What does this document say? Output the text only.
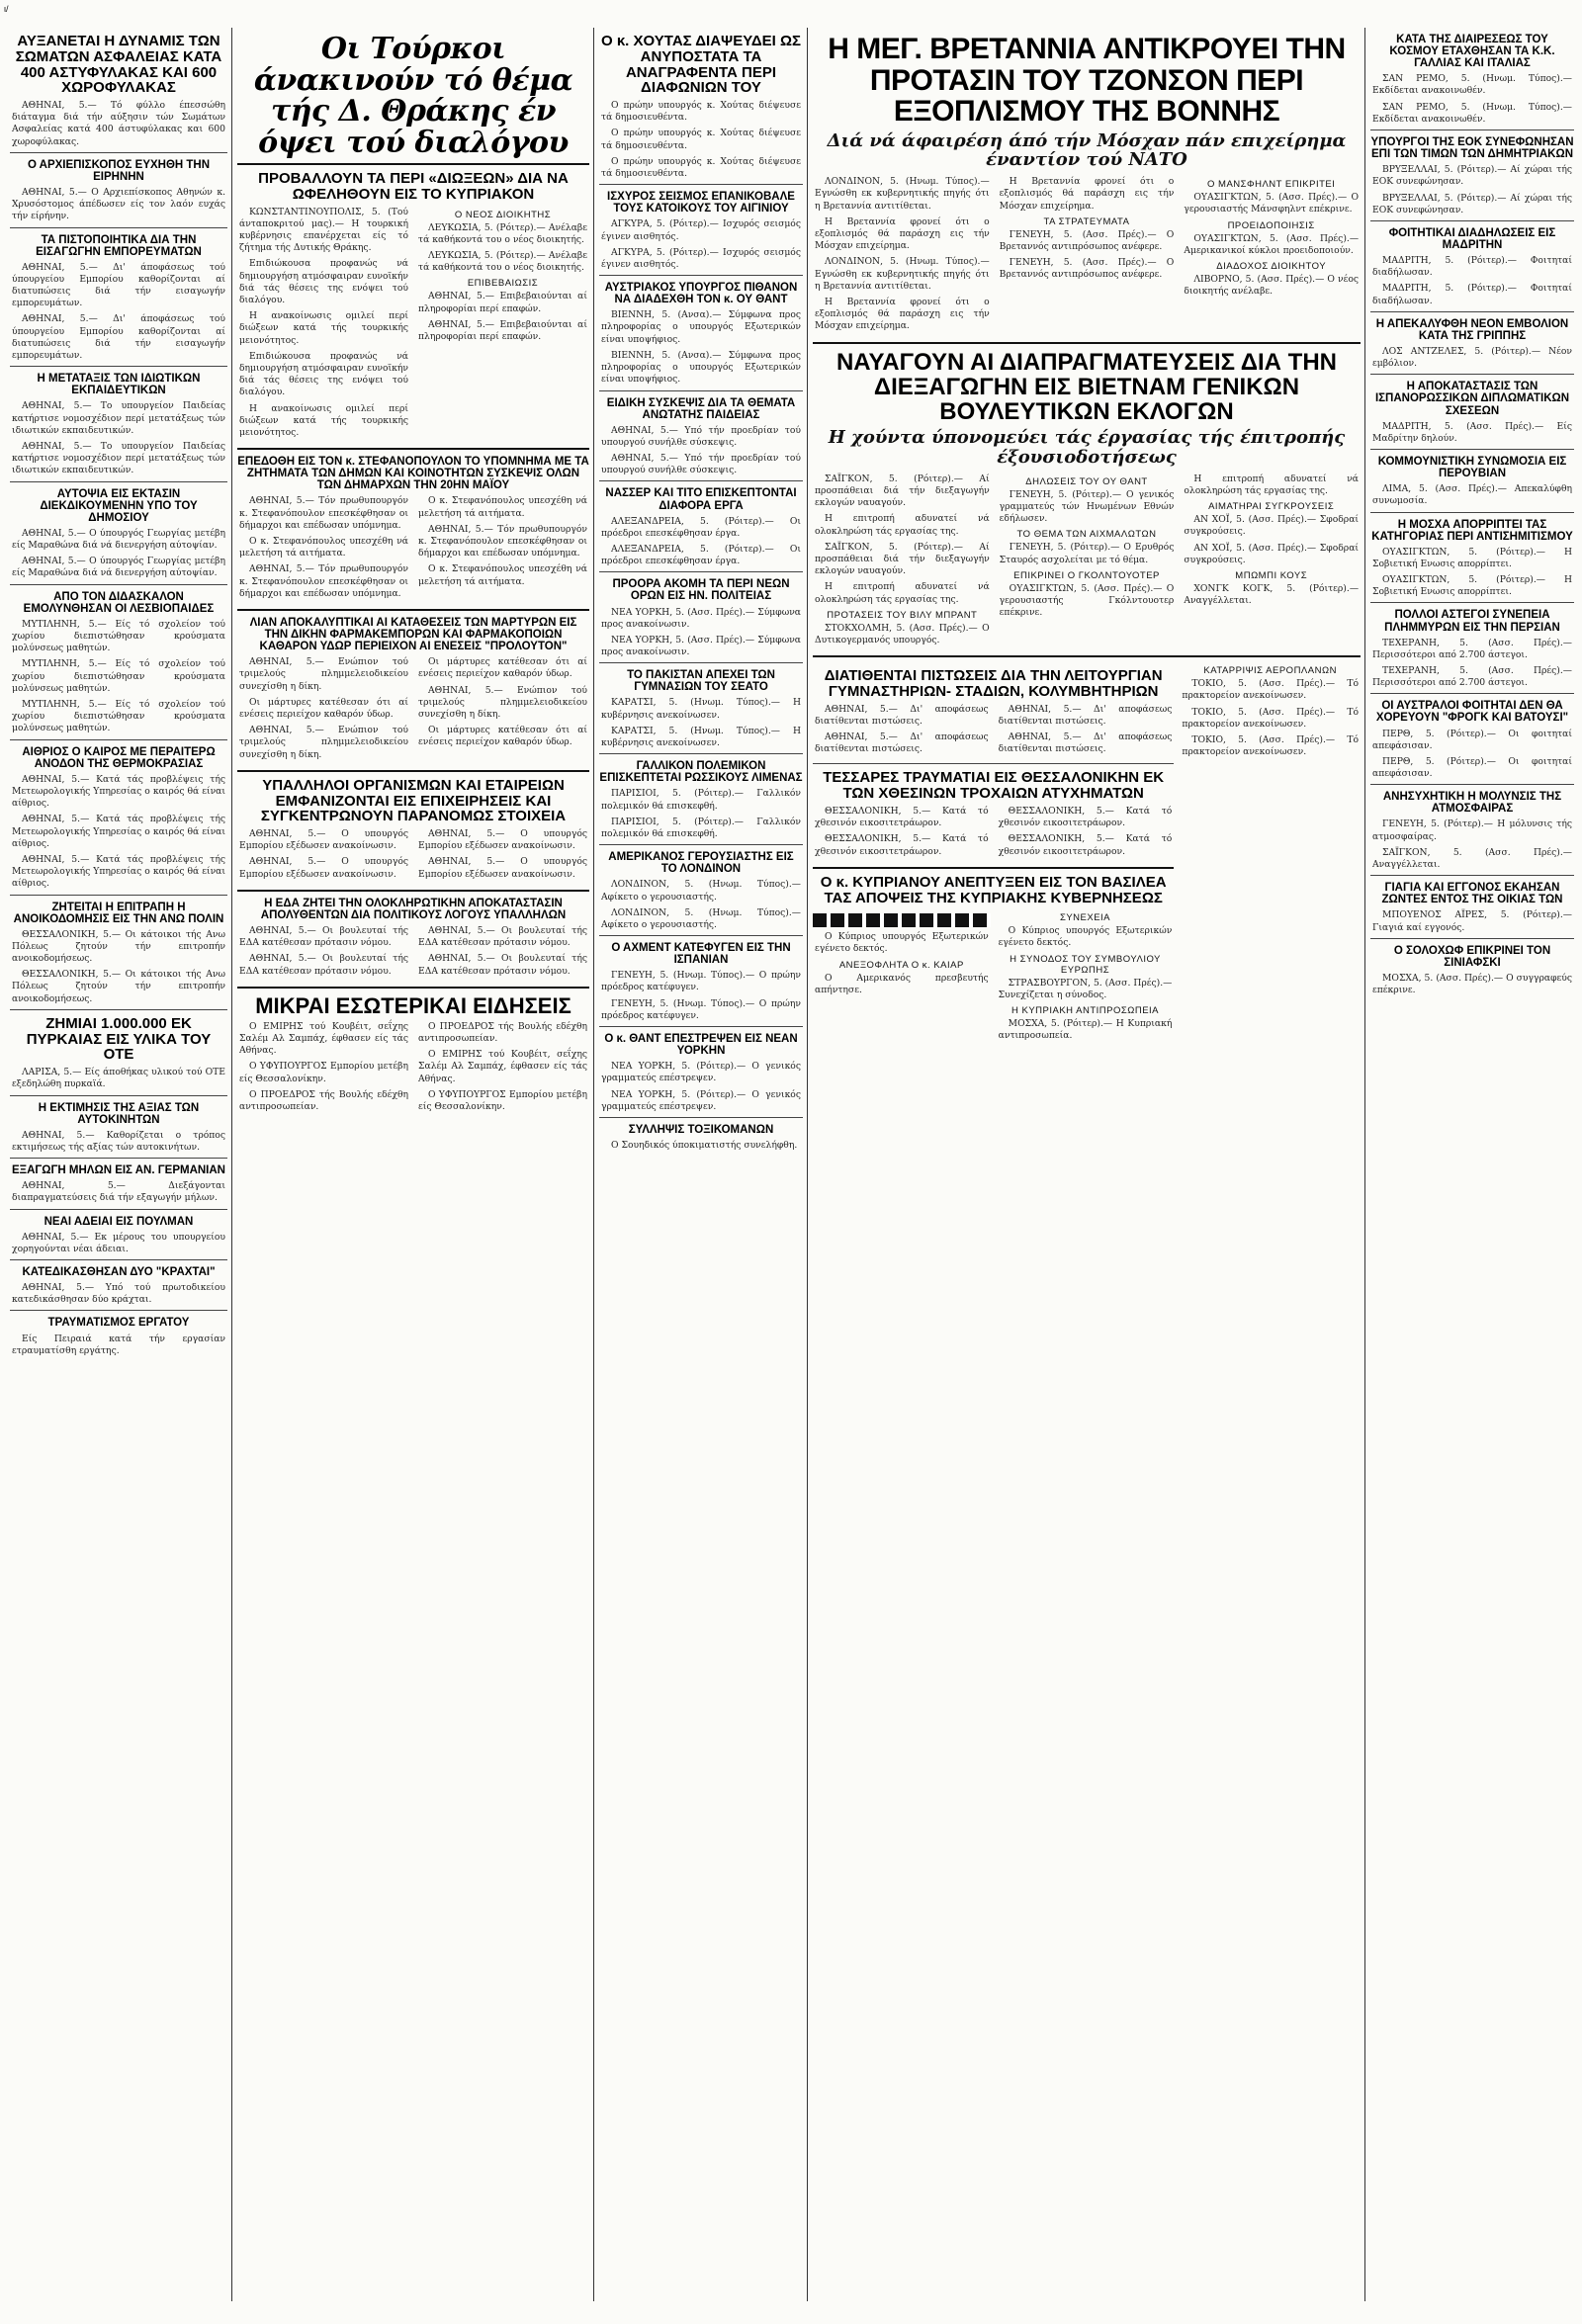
ι/
ΑΥΞΑΝΕΤΑΙ Η ΔΥΝΑΜΙΣ ΤΩΝ ΣΩΜΑΤΩΝ ΑΣΦΑΛΕΙΑΣ ΚΑΤΑ 400 ΑΣΤΥΦΥΛΑΚΑΣ ΚΑΙ 600 ΧΩΡΟΦΥΛΑΚΑΣ
ΑΘΗΝΑΙ, 5.— Τό φύλλο έπεσσώθη διάταγμα διά τήν αύξησιν τών Σωμάτων Ασφαλείας κατά 400 άστυφύλακας και 600 χωροφύλακας.
Ο ΑΡΧΙΕΠΙΣΚΟΠΟΣ ΕΥΧΗΘΗ ΤΗΝ ΕΙΡΗΝΗΝ
ΑΘΗΝΑΙ, 5.— Ο Αρχιεπίσκοπος Αθηνών κ. Χρυσόστομος άπέδωσεν είς τον λαόν ευχάς τήν είρήνην.
ΤΑ ΠΙΣΤΟΠΟΙΗΤΙΚΑ ΔΙΑ ΤΗΝ ΕΙΣΑΓΩΓΗΝ ΕΜΠΟΡΕΥΜΑΤΩΝ
ΑΘΗΝΑΙ, 5.— Δι' άποφάσεως τού ύπουργείου Εμπορίου καθορίζονται αί διατυπώσεις διά τήν εισαγωγήν εμπορευμάτων.
ΑΘΗΝΑΙ, 5.— Δι' άποφάσεως τού ύπουργείου Εμπορίου καθορίζονται αί διατυπώσεις διά τήν εισαγωγήν εμπορευμάτων.
Η ΜΕΤΑΤΑΞΙΣ ΤΩΝ ΙΔΙΩΤΙΚΩΝ ΕΚΠΑΙΔΕΥΤΙΚΩΝ
ΑΘΗΝΑΙ, 5.— Το υπουργείον Παιδείας κατήρτισε νομοσχέδιον περί μετατάξεως τών ιδιωτικών εκπαιδευτικών.
ΑΘΗΝΑΙ, 5.— Το υπουργείον Παιδείας κατήρτισε νομοσχέδιον περί μετατάξεως τών ιδιωτικών εκπαιδευτικών.
ΑΥΤΟΨΙΑ ΕΙΣ ΕΚΤΑΣΙΝ ΔΙΕΚΔΙΚΟΥΜΕΝΗΝ ΥΠΟ ΤΟΥ ΔΗΜΟΣΙΟΥ
ΑΘΗΝΑΙ, 5.— Ο ύπουργός Γεωργίας μετέβη είς Μαραθώνα διά νά διενεργήση αύτοψίαν.
ΑΘΗΝΑΙ, 5.— Ο ύπουργός Γεωργίας μετέβη είς Μαραθώνα διά νά διενεργήση αύτοψίαν.
ΑΠΟ ΤΟΝ ΔΙΔΑΣΚΑΛΟΝ ΕΜΟΛΥΝΘΗΣΑΝ ΟΙ ΛΕΣΒΙΟΠΑΙΔΕΣ
ΜΥΤΙΛΗΝΗ, 5.— Είς τό σχολείον τού χωρίου διεπιστώθησαν κρούσματα μολύνσεως μαθητών.
ΜΥΤΙΛΗΝΗ, 5.— Είς τό σχολείον τού χωρίου διεπιστώθησαν κρούσματα μολύνσεως μαθητών.
ΜΥΤΙΛΗΝΗ, 5.— Είς τό σχολείον τού χωρίου διεπιστώθησαν κρούσματα μολύνσεως μαθητών.
ΑΙΘΡΙΟΣ Ο ΚΑΙΡΟΣ ΜΕ ΠΕΡΑΙΤΕΡΩ ΑΝΟΔΟΝ ΤΗΣ ΘΕΡΜΟΚΡΑΣΙΑΣ
ΑΘΗΝΑΙ, 5.— Κατά τάς προβλέψεις τής Μετεωρολογικής Υπηρεσίας ο καιρός θά είναι αίθριος.
ΑΘΗΝΑΙ, 5.— Κατά τάς προβλέψεις τής Μετεωρολογικής Υπηρεσίας ο καιρός θά είναι αίθριος.
ΑΘΗΝΑΙ, 5.— Κατά τάς προβλέψεις τής Μετεωρολογικής Υπηρεσίας ο καιρός θά είναι αίθριος.
ΖΗΤΕΙΤΑΙ Η ΕΠΙΤΡΑΠΗ Η ΑΝΟΙΚΟΔΟΜΗΣΙΣ ΕΙΣ ΤΗΝ ΑΝΩ ΠΟΛΙΝ
ΘΕΣΣΑΛΟΝΙΚΗ, 5.— Οι κάτοικοι τής Ανω Πόλεως ζητούν τήν επιτροπήν ανοικοδομήσεως.
ΘΕΣΣΑΛΟΝΙΚΗ, 5.— Οι κάτοικοι τής Ανω Πόλεως ζητούν τήν επιτροπήν ανοικοδομήσεως.
ΖΗΜΙΑΙ 1.000.000 ΕΚ ΠΥΡΚΑΙΑΣ ΕΙΣ ΥΛΙΚΑ ΤΟΥ ΟΤΕ
ΛΑΡΙΣΑ, 5.— Είς άποθήκας υλικού τού ΟΤΕ εξεδηλώθη πυρκαϊά.
Η ΕΚΤΙΜΗΣΙΣ ΤΗΣ ΑΞΙΑΣ ΤΩΝ ΑΥΤΟΚΙΝΗΤΩΝ
ΑΘΗΝΑΙ, 5.— Καθορίζεται ο τρόπος εκτιμήσεως τής αξίας τών αυτοκινήτων.
ΕΞΑΓΩΓΗ ΜΗΛΩΝ ΕΙΣ ΑΝ. ΓΕΡΜΑΝΙΑΝ
ΑΘΗΝΑΙ, 5.— Διεξάγονται διαπραγματεύσεις διά τήν εξαγωγήν μήλων.
ΝΕΑΙ ΑΔΕΙΑΙ ΕΙΣ ΠΟΥΛΜΑΝ
ΑΘΗΝΑΙ, 5.— Εκ μέρους του υπουργείου χορηγούνται νέαι άδειαι.
ΚΑΤΕΔΙΚΑΣΘΗΣΑΝ ΔΥΟ "ΚΡΑΧΤΑΙ"
ΑΘΗΝΑΙ, 5.— Υπό τού πρωτοδικείου κατεδικάσθησαν δύο κράχται.
ΤΡΑΥΜΑΤΙΣΜΟΣ ΕΡΓΑΤΟΥ
Είς Πειραιά κατά τήν εργασίαν ετραυματίσθη εργάτης.
Οι Τούρκοι άνακινούν τό θέμα τής Δ. Θράκης έν όψει τού διαλόγου
ΠΡΟΒΑΛΛΟΥΝ ΤΑ ΠΕΡΙ «ΔΙΩΞΕΩΝ» ΔΙΑ ΝΑ ΩΦΕΛΗΘΟΥΝ ΕΙΣ ΤΟ ΚΥΠΡΙΑΚΟΝ
ΚΩΝΣΤΑΝΤΙΝΟΥΠΟΛΙΣ, 5. (Τού άνταποκριτού μας).— Η τουρκική κυβέρνησις επανέρχεται είς τό ζήτημα τής Δυτικής Θράκης.
Επιδιώκουσα προφανώς νά δημιουργήση ατμόσφαιραν ευνοϊκήν διά τάς θέσεις της ενόψει τού διαλόγου.
Η ανακοίνωσις ομιλεί περί διώξεων κατά τής τουρκικής μειονότητος.
Επιδιώκουσα προφανώς νά δημιουργήση ατμόσφαιραν ευνοϊκήν διά τάς θέσεις της ενόψει τού διαλόγου.
Η ανακοίνωσις ομιλεί περί διώξεων κατά τής τουρκικής μειονότητος.
Ο ΝΕΟΣ ΔΙΟΙΚΗΤΗΣ
ΛΕΥΚΩΣΙΑ, 5. (Ρόιτερ).— Ανέλαβε τά καθήκοντά του ο νέος διοικητής.
ΛΕΥΚΩΣΙΑ, 5. (Ρόιτερ).— Ανέλαβε τά καθήκοντά του ο νέος διοικητής.
ΕΠΙΒΕΒΑΙΩΣΙΣ
ΑΘΗΝΑΙ, 5.— Επιβεβαιούνται αί πληροφορίαι περί επαφών.
ΑΘΗΝΑΙ, 5.— Επιβεβαιούνται αί πληροφορίαι περί επαφών.
ΕΠΕΔΟΘΗ ΕΙΣ ΤΟΝ κ. ΣΤΕΦΑΝΟΠΟΥΛΟΝ ΤΟ ΥΠΟΜΝΗΜΑ ΜΕ ΤΑ ΖΗΤΗΜΑΤΑ ΤΩΝ ΔΗΜΩΝ ΚΑΙ ΚΟΙΝΟΤΗΤΩΝ ΣΥΣΚΕΨΙΣ ΟΛΩΝ ΤΩΝ ΔΗΜΑΡΧΩΝ ΤΗΝ 20ΗΝ ΜΑΪΟΥ
ΑΘΗΝΑΙ, 5.— Τόν πρωθυπουργόν κ. Στεφανόπουλον επεσκέφθησαν οι δήμαρχοι και επέδωσαν υπόμνημα.
Ο κ. Στεφανόπουλος υπεσχέθη νά μελετήση τά αιτήματα.
ΑΘΗΝΑΙ, 5.— Τόν πρωθυπουργόν κ. Στεφανόπουλον επεσκέφθησαν οι δήμαρχοι και επέδωσαν υπόμνημα.
Ο κ. Στεφανόπουλος υπεσχέθη νά μελετήση τά αιτήματα.
ΑΘΗΝΑΙ, 5.— Τόν πρωθυπουργόν κ. Στεφανόπουλον επεσκέφθησαν οι δήμαρχοι και επέδωσαν υπόμνημα.
Ο κ. Στεφανόπουλος υπεσχέθη νά μελετήση τά αιτήματα.
ΛΙΑΝ ΑΠΟΚΑΛΥΠΤΙΚΑΙ ΑΙ ΚΑΤΑΘΕΣΕΙΣ ΤΩΝ ΜΑΡΤΥΡΩΝ ΕΙΣ ΤΗΝ ΔΙΚΗΝ ΦΑΡΜΑΚΕΜΠΟΡΩΝ ΚΑΙ ΦΑΡΜΑΚΟΠΟΙΩΝ ΚΑΘΑΡΟΝ ΥΔΩΡ ΠΕΡΙΕΙΧΟΝ ΑΙ ΕΝΕΣΕΙΣ "ΠΡΟΛΟΥΤΟΝ"
ΑΘΗΝΑΙ, 5.— Ενώπιον τού τριμελούς πλημμελειοδικείου συνεχίσθη η δίκη.
Οι μάρτυρες κατέθεσαν ότι αί ενέσεις περιείχον καθαρόν ύδωρ.
ΑΘΗΝΑΙ, 5.— Ενώπιον τού τριμελούς πλημμελειοδικείου συνεχίσθη η δίκη.
Οι μάρτυρες κατέθεσαν ότι αί ενέσεις περιείχον καθαρόν ύδωρ.
ΑΘΗΝΑΙ, 5.— Ενώπιον τού τριμελούς πλημμελειοδικείου συνεχίσθη η δίκη.
Οι μάρτυρες κατέθεσαν ότι αί ενέσεις περιείχον καθαρόν ύδωρ.
ΥΠΑΛΛΗΛΟΙ ΟΡΓΑΝΙΣΜΩΝ ΚΑΙ ΕΤΑΙΡΕΙΩΝ ΕΜΦΑΝΙΖΟΝΤΑΙ ΕΙΣ ΕΠΙΧΕΙΡΗΣΕΙΣ ΚΑΙ ΣΥΓΚΕΝΤΡΩΝΟΥΝ ΠΑΡΑΝΟΜΩΣ ΣΤΟΙΧΕΙΑ
ΑΘΗΝΑΙ, 5.— Ο υπουργός Εμπορίου εξέδωσεν ανακοίνωσιν.
ΑΘΗΝΑΙ, 5.— Ο υπουργός Εμπορίου εξέδωσεν ανακοίνωσιν.
ΑΘΗΝΑΙ, 5.— Ο υπουργός Εμπορίου εξέδωσεν ανακοίνωσιν.
ΑΘΗΝΑΙ, 5.— Ο υπουργός Εμπορίου εξέδωσεν ανακοίνωσιν.
Η ΕΔΑ ΖΗΤΕΙ ΤΗΝ ΟΛΟΚΛΗΡΩΤΙΚΗΝ ΑΠΟΚΑΤΑΣΤΑΣΙΝ ΑΠΟΛΥΘΕΝΤΩΝ ΔΙΑ ΠΟΛΙΤΙΚΟΥΣ ΛΟΓΟΥΣ ΥΠΑΛΛΗΛΩΝ
ΑΘΗΝΑΙ, 5.— Οι βουλευταί τής ΕΔΑ κατέθεσαν πρότασιν νόμου.
ΑΘΗΝΑΙ, 5.— Οι βουλευταί τής ΕΔΑ κατέθεσαν πρότασιν νόμου.
ΑΘΗΝΑΙ, 5.— Οι βουλευταί τής ΕΔΑ κατέθεσαν πρότασιν νόμου.
ΑΘΗΝΑΙ, 5.— Οι βουλευταί τής ΕΔΑ κατέθεσαν πρότασιν νόμου.
ΜΙΚΡΑΙ ΕΣΩΤΕΡΙΚΑΙ ΕΙΔΗΣΕΙΣ
Ο ΕΜΙΡΗΣ τού Κουβέιτ, σεΐχης Σαλέμ Αλ Σαμπάχ, έφθασεν είς τάς Αθήνας.
Ο ΥΦΥΠΟΥΡΓΟΣ Εμπορίου μετέβη είς Θεσσαλονίκην.
Ο ΠΡΟΕΔΡΟΣ τής Βουλής εδέχθη αντιπροσωπείαν.
Ο ΠΡΟΕΔΡΟΣ τής Βουλής εδέχθη αντιπροσωπείαν.
Ο ΕΜΙΡΗΣ τού Κουβέιτ, σεΐχης Σαλέμ Αλ Σαμπάχ, έφθασεν είς τάς Αθήνας.
Ο ΥΦΥΠΟΥΡΓΟΣ Εμπορίου μετέβη είς Θεσσαλονίκην.
Ο κ. ΧΟΥΤΑΣ ΔΙΑΨΕΥΔΕΙ ΩΣ ΑΝΥΠΟΣΤΑΤΑ ΤΑ ΑΝΑΓΡΑΦΕΝΤΑ ΠΕΡΙ ΔΙΑΦΩΝΙΩΝ ΤΟΥ
Ο πρώην υπουργός κ. Χούτας διέψευσε τά δημοσιευθέντα.
Ο πρώην υπουργός κ. Χούτας διέψευσε τά δημοσιευθέντα.
Ο πρώην υπουργός κ. Χούτας διέψευσε τά δημοσιευθέντα.
ΙΣΧΥΡΟΣ ΣΕΙΣΜΟΣ ΕΠΑΝΙΚΟΒΑΛΕ ΤΟΥΣ ΚΑΤΟΙΚΟΥΣ ΤΟΥ ΑΙΓΙΝΙΟΥ
ΑΓΚΥΡΑ, 5. (Ρόιτερ).— Ισχυρός σεισμός έγινεν αισθητός.
ΑΓΚΥΡΑ, 5. (Ρόιτερ).— Ισχυρός σεισμός έγινεν αισθητός.
ΑΥΣΤΡΙΑΚΟΣ ΥΠΟΥΡΓΟΣ ΠΙΘΑΝΟΝ ΝΑ ΔΙΑΔΕΧΘΗ ΤΟΝ κ. ΟΥ ΘΑΝΤ
ΒΙΕΝΝΗ, 5. (Ανσα).— Σύμφωνα προς πληροφορίας ο υπουργός Εξωτερικών είναι υποψήφιος.
ΒΙΕΝΝΗ, 5. (Ανσα).— Σύμφωνα προς πληροφορίας ο υπουργός Εξωτερικών είναι υποψήφιος.
ΕΙΔΙΚΗ ΣΥΣΚΕΨΙΣ ΔΙΑ ΤΑ ΘΕΜΑΤΑ ΑΝΩΤΑΤΗΣ ΠΑΙΔΕΙΑΣ
ΑΘΗΝΑΙ, 5.— Υπό τήν προεδρίαν τού υπουργού συνήλθε σύσκεψις.
ΑΘΗΝΑΙ, 5.— Υπό τήν προεδρίαν τού υπουργού συνήλθε σύσκεψις.
ΝΑΣΣΕΡ ΚΑΙ ΤΙΤΟ ΕΠΙΣΚΕΠΤΟΝΤΑΙ ΔΙΑΦΟΡΑ ΕΡΓΑ
ΑΛΕΞΑΝΔΡΕΙΑ, 5. (Ρόιτερ).— Οι πρόεδροι επεσκέφθησαν έργα.
ΑΛΕΞΑΝΔΡΕΙΑ, 5. (Ρόιτερ).— Οι πρόεδροι επεσκέφθησαν έργα.
ΠΡΟΟΡΑ ΑΚΟΜΗ ΤΑ ΠΕΡΙ ΝΕΩΝ ΟΡΩΝ ΕΙΣ ΗΝ. ΠΟΛΙΤΕΙΑΣ
ΝΕΑ ΥΟΡΚΗ, 5. (Ασσ. Πρές).— Σύμφωνα προς ανακοίνωσιν.
ΝΕΑ ΥΟΡΚΗ, 5. (Ασσ. Πρές).— Σύμφωνα προς ανακοίνωσιν.
ΤΟ ΠΑΚΙΣΤΑΝ ΑΠΕΧΕΙ ΤΩΝ ΓΥΜΝΑΣΙΩΝ ΤΟΥ ΣΕΑΤΟ
ΚΑΡΑΤΣΙ, 5. (Ηνωμ. Τύπος).— Η κυβέρνησις ανεκοίνωσεν.
ΚΑΡΑΤΣΙ, 5. (Ηνωμ. Τύπος).— Η κυβέρνησις ανεκοίνωσεν.
ΓΑΛΛΙΚΟΝ ΠΟΛΕΜΙΚΟΝ ΕΠΙΣΚΕΠΤΕΤΑΙ ΡΩΣΣΙΚΟΥΣ ΛΙΜΕΝΑΣ
ΠΑΡΙΣΙΟΙ, 5. (Ρόιτερ).— Γαλλικόν πολεμικόν θά επισκεφθή.
ΠΑΡΙΣΙΟΙ, 5. (Ρόιτερ).— Γαλλικόν πολεμικόν θά επισκεφθή.
ΑΜΕΡΙΚΑΝΟΣ ΓΕΡΟΥΣΙΑΣΤΗΣ ΕΙΣ ΤΟ ΛΟΝΔΙΝΟΝ
ΛΟΝΔΙΝΟΝ, 5. (Ηνωμ. Τύπος).— Αφίκετο ο γερουσιαστής.
ΛΟΝΔΙΝΟΝ, 5. (Ηνωμ. Τύπος).— Αφίκετο ο γερουσιαστής.
Ο ΑΧΜΕΝΤ ΚΑΤΕΦΥΓΕΝ ΕΙΣ ΤΗΝ ΙΣΠΑΝΙΑΝ
ΓΕΝΕΥΗ, 5. (Ηνωμ. Τύπος).— Ο πρώην πρόεδρος κατέφυγεν.
ΓΕΝΕΥΗ, 5. (Ηνωμ. Τύπος).— Ο πρώην πρόεδρος κατέφυγεν.
Ο κ. ΘΑΝΤ ΕΠΕΣΤΡΕΨΕΝ ΕΙΣ ΝΕΑΝ ΥΟΡΚΗΝ
ΝΕΑ ΥΟΡΚΗ, 5. (Ρόιτερ).— Ο γενικός γραμματεύς επέστρεψεν.
ΝΕΑ ΥΟΡΚΗ, 5. (Ρόιτερ).— Ο γενικός γραμματεύς επέστρεψεν.
ΣΥΛΛΗΨΙΣ ΤΟΞΙΚΟΜΑΝΩΝ
Ο Σουηδικός ύποκιματιστής συνελήφθη.
Η ΜΕΓ. ΒΡΕΤΑΝΝΙΑ ΑΝΤΙΚΡΟΥΕΙ ΤΗΝ ΠΡΟΤΑΣΙΝ ΤΟΥ ΤΖΟΝΣΟΝ ΠΕΡΙ ΕΞΟΠΛΙΣΜΟΥ ΤΗΣ ΒΟΝΝΗΣ
Διά νά άφαιρέση άπό τήν Μόσχαν πάν επιχείρημα έναντίον τού ΝΑΤΟ
ΛΟΝΔΙΝΟΝ, 5. (Ηνωμ. Τύπος).— Εγνώσθη εκ κυβερνητικής πηγής ότι η Βρεταννία αντιτίθεται.
Η Βρεταννία φρονεί ότι ο εξοπλισμός θά παράσχη εις τήν Μόσχαν επιχείρημα.
ΛΟΝΔΙΝΟΝ, 5. (Ηνωμ. Τύπος).— Εγνώσθη εκ κυβερνητικής πηγής ότι η Βρεταννία αντιτίθεται.
Η Βρεταννία φρονεί ότι ο εξοπλισμός θά παράσχη εις τήν Μόσχαν επιχείρημα.
Η Βρεταννία φρονεί ότι ο εξοπλισμός θά παράσχη εις τήν Μόσχαν επιχείρημα.
ΤΑ ΣΤΡΑΤΕΥΜΑΤΑ
ΓΕΝΕΥΗ, 5. (Ασσ. Πρές).— Ο Βρεταννός αντιπρόσωπος ανέφερε.
ΓΕΝΕΥΗ, 5. (Ασσ. Πρές).— Ο Βρεταννός αντιπρόσωπος ανέφερε.
Ο ΜΑΝΣΦΗΛΝΤ ΕΠΙΚΡΙΤΕΙ
ΟΥΑΣΙΓΚΤΩΝ, 5. (Ασσ. Πρές).— Ο γερουσιαστής Μάνσφηλντ επέκρινε.
ΠΡΟΕΙΔΟΠΟΙΗΣΙΣ
ΟΥΑΣΙΓΚΤΩΝ, 5. (Ασσ. Πρές).— Αμερικανικοί κύκλοι προειδοποιούν.
ΔΙΑΔΟΧΟΣ ΔΙΟΙΚΗΤΟΥ
ΛΙΒΟΡΝΟ, 5. (Ασσ. Πρές).— Ο νέος διοικητής ανέλαβε.
ΝΑΥΑΓΟΥΝ ΑΙ ΔΙΑΠΡΑΓΜΑΤΕΥΣΕΙΣ ΔΙΑ ΤΗΝ ΔΙΕΞΑΓΩΓΗΝ ΕΙΣ ΒΙΕΤΝΑΜ ΓΕΝΙΚΩΝ ΒΟΥΛΕΥΤΙΚΩΝ ΕΚΛΟΓΩΝ
Η χούντα ύπονομεύει τάς έργασίας τής έπιτροπής έξουσιοδοτήσεως
ΣΑΪΓΚΟΝ, 5. (Ρόιτερ).— Αί προσπάθειαι διά τήν διεξαγωγήν εκλογών ναυαγούν.
Η επιτροπή αδυνατεί νά ολοκληρώση τάς εργασίας της.
ΣΑΪΓΚΟΝ, 5. (Ρόιτερ).— Αί προσπάθειαι διά τήν διεξαγωγήν εκλογών ναυαγούν.
Η επιτροπή αδυνατεί νά ολοκληρώση τάς εργασίας της.
ΠΡΟΤΑΣΕΙΣ ΤΟΥ ΒΙΛΥ ΜΠΡΑΝΤ
ΣΤΟΚΧΟΛΜΗ, 5. (Ασσ. Πρές).— Ο Δυτικογερμανός υπουργός.
ΔΗΛΩΣΕΙΣ ΤΟΥ ΟΥ ΘΑΝΤ
ΓΕΝΕΥΗ, 5. (Ρόιτερ).— Ο γενικός γραμματεύς τών Ηνωμένων Εθνών εδήλωσεν.
ΤΟ ΘΕΜΑ ΤΩΝ ΑΙΧΜΑΛΩΤΩΝ
ΓΕΝΕΥΗ, 5. (Ρόιτερ).— Ο Ερυθρός Σταυρός ασχολείται με τό θέμα.
ΕΠΙΚΡΙΝΕΙ Ο ΓΚΟΛΝΤΟΥΟΤΕΡ
ΟΥΑΣΙΓΚΤΩΝ, 5. (Ασσ. Πρές).— Ο γερουσιαστής Γκόλντουοτερ επέκρινε.
Η επιτροπή αδυνατεί νά ολοκληρώση τάς εργασίας της.
ΑΙΜΑΤΗΡΑΙ ΣΥΓΚΡΟΥΣΕΙΣ
ΑΝ ΧΟΪ, 5. (Ασσ. Πρές).— Σφοδραί συγκρούσεις.
ΑΝ ΧΟΪ, 5. (Ασσ. Πρές).— Σφοδραί συγκρούσεις.
ΜΠΩΜΠΙ ΚΟΥΣ
ΧΟΝΓΚ ΚΟΓΚ, 5. (Ρόιτερ).— Αναγγέλλεται.
ΔΙΑΤΙΘΕΝΤΑΙ ΠΙΣΤΩΣΕΙΣ ΔΙΑ ΤΗΝ ΛΕΙΤΟΥΡΓΙΑΝ ΓΥΜΝΑΣΤΗΡΙΩΝ- ΣΤΑΔΙΩΝ, ΚΟΛΥΜΒΗΤΗΡΙΩΝ
ΑΘΗΝΑΙ, 5.— Δι' αποφάσεως διατίθενται πιστώσεις.
ΑΘΗΝΑΙ, 5.— Δι' αποφάσεως διατίθενται πιστώσεις.
ΑΘΗΝΑΙ, 5.— Δι' αποφάσεως διατίθενται πιστώσεις.
ΑΘΗΝΑΙ, 5.— Δι' αποφάσεως διατίθενται πιστώσεις.
ΤΕΣΣΑΡΕΣ ΤΡΑΥΜΑΤΙΑΙ ΕΙΣ ΘΕΣΣΑΛΟΝΙΚΗΝ ΕΚ ΤΩΝ ΧΘΕΣΙΝΩΝ ΤΡΟΧΑΙΩΝ ΑΤΥΧΗΜΑΤΩΝ
ΘΕΣΣΑΛΟΝΙΚΗ, 5.— Κατά τό χθεσινόν εικοσιτετράωρον.
ΘΕΣΣΑΛΟΝΙΚΗ, 5.— Κατά τό χθεσινόν εικοσιτετράωρον.
ΘΕΣΣΑΛΟΝΙΚΗ, 5.— Κατά τό χθεσινόν εικοσιτετράωρον.
ΘΕΣΣΑΛΟΝΙΚΗ, 5.— Κατά τό χθεσινόν εικοσιτετράωρον.
Ο κ. ΚΥΠΡΙΑΝΟΥ ΑΝΕΠΤΥΞΕΝ ΕΙΣ ΤΟΝ ΒΑΣΙΛΕΑ ΤΑΣ ΑΠΟΨΕΙΣ ΤΗΣ ΚΥΠΡΙΑΚΗΣ ΚΥΒΕΡΝΗΣΕΩΣ
Ο Κύπριος υπουργός Εξωτερικών εγένετο δεκτός.
ΑΝΕΞΟΦΛΗΤΑ Ο κ. ΚΑΙΑΡ
Ο Αμερικανός πρεσβευτής απήντησε.
ΣΥΝΕΧΕΙΑ
Ο Κύπριος υπουργός Εξωτερικών εγένετο δεκτός.
Η ΣΥΝΟΔΟΣ ΤΟΥ ΣΥΜΒΟΥΛΙΟΥ ΕΥΡΩΠΗΣ
ΣΤΡΑΣΒΟΥΡΓΟΝ, 5. (Ασσ. Πρές).— Συνεχίζεται η σύνοδος.
Η ΚΥΠΡΙΑΚΗ ΑΝΤΙΠΡΟΣΩΠΕΙΑ
ΜΟΣΧΑ, 5. (Ρόιτερ).— Η Κυπριακή αντιπροσωπεία.
ΚΑΤΑΡΡΙΨΙΣ ΑΕΡΟΠΛΑΝΩΝ
ΤΟΚΙΟ, 5. (Ασσ. Πρές).— Τό πρακτορείον ανεκοίνωσεν.
ΤΟΚΙΟ, 5. (Ασσ. Πρές).— Τό πρακτορείον ανεκοίνωσεν.
ΤΟΚΙΟ, 5. (Ασσ. Πρές).— Τό πρακτορείον ανεκοίνωσεν.
ΚΑΤΑ ΤΗΣ ΔΙΑΙΡΕΣΕΩΣ ΤΟΥ ΚΟΣΜΟΥ ΕΤΑΧΘΗΣΑΝ ΤΑ Κ.Κ. ΓΑΛΛΙΑΣ ΚΑΙ ΙΤΑΛΙΑΣ
ΣΑΝ ΡΕΜΟ, 5. (Ηνωμ. Τύπος).— Εκδίδεται ανακοινωθέν.
ΣΑΝ ΡΕΜΟ, 5. (Ηνωμ. Τύπος).— Εκδίδεται ανακοινωθέν.
ΥΠΟΥΡΓΟΙ ΤΗΣ ΕΟΚ ΣΥΝΕΦΩΝΗΣΑΝ ΕΠΙ ΤΩΝ ΤΙΜΩΝ ΤΩΝ ΔΗΜΗΤΡΙΑΚΩΝ
ΒΡΥΞΕΛΛΑΙ, 5. (Ρόιτερ).— Αί χώραι τής ΕΟΚ συνεφώνησαν.
ΒΡΥΞΕΛΛΑΙ, 5. (Ρόιτερ).— Αί χώραι τής ΕΟΚ συνεφώνησαν.
ΦΟΙΤΗΤΙΚΑΙ ΔΙΑΔΗΛΩΣΕΙΣ ΕΙΣ ΜΑΔΡΙΤΗΝ
ΜΑΔΡΙΤΗ, 5. (Ρόιτερ).— Φοιτηταί διαδήλωσαν.
ΜΑΔΡΙΤΗ, 5. (Ρόιτερ).— Φοιτηταί διαδήλωσαν.
Η ΑΠΕΚΑΛΥΦΘΗ ΝΕΟΝ ΕΜΒΟΛΙΟΝ ΚΑΤΑ ΤΗΣ ΓΡΙΠΠΗΣ
ΛΟΣ ΑΝΤΖΕΛΕΣ, 5. (Ρόιτερ).— Νέον εμβόλιον.
Η ΑΠΟΚΑΤΑΣΤΑΣΙΣ ΤΩΝ ΙΣΠΑΝΟΡΩΣΣΙΚΩΝ ΔΙΠΛΩΜΑΤΙΚΩΝ ΣΧΕΣΕΩΝ
ΜΑΔΡΙΤΗ, 5. (Ασσ. Πρές).— Είς Μαδρίτην δηλούν.
ΚΟΜΜΟΥΝΙΣΤΙΚΗ ΣΥΝΩΜΟΣΙΑ ΕΙΣ ΠΕΡΟΥΒΙΑΝ
ΛΙΜΑ, 5. (Ασσ. Πρές).— Απεκαλύφθη συνωμοσία.
Η ΜΟΣΧΑ ΑΠΟΡΡΙΠΤΕΙ ΤΑΣ ΚΑΤΗΓΟΡΙΑΣ ΠΕΡΙ ΑΝΤΙΣΗΜΙΤΙΣΜΟΥ
ΟΥΑΣΙΓΚΤΩΝ, 5. (Ρόιτερ).— Η Σοβιετική Ενωσις απορρίπτει.
ΟΥΑΣΙΓΚΤΩΝ, 5. (Ρόιτερ).— Η Σοβιετική Ενωσις απορρίπτει.
ΠΟΛΛΟΙ ΑΣΤΕΓΟΙ ΣΥΝΕΠΕΙΑ ΠΛΗΜΜΥΡΩΝ ΕΙΣ ΤΗΝ ΠΕΡΣΙΑΝ
ΤΕΧΕΡΑΝΗ, 5. (Ασσ. Πρές).— Περισσότεροι από 2.700 άστεγοι.
ΤΕΧΕΡΑΝΗ, 5. (Ασσ. Πρές).— Περισσότεροι από 2.700 άστεγοι.
ΟΙ ΑΥΣΤΡΑΛΟΙ ΦΟΙΤΗΤΑΙ ΔΕΝ ΘΑ ΧΟΡΕΥΟΥΝ "ΦΡΟΓΚ ΚΑΙ ΒΑΤΟΥΣΙ"
ΠΕΡΘ, 5. (Ρόιτερ).— Οι φοιτηταί απεφάσισαν.
ΠΕΡΘ, 5. (Ρόιτερ).— Οι φοιτηταί απεφάσισαν.
ΑΝΗΣΥΧΗΤΙΚΗ Η ΜΟΛΥΝΣΙΣ ΤΗΣ ΑΤΜΟΣΦΑΙΡΑΣ
ΓΕΝΕΥΗ, 5. (Ρόιτερ).— Η μόλυνσις τής ατμοσφαίρας.
ΣΑΪΓΚΟΝ, 5. (Ασσ. Πρές).— Αναγγέλλεται.
ΓΙΑΓΙΑ ΚΑΙ ΕΓΓΟΝΟΣ ΕΚΑΗΣΑΝ ΖΩΝΤΕΣ ΕΝΤΟΣ ΤΗΣ ΟΙΚΙΑΣ ΤΩΝ
ΜΠΟΥΕΝΟΣ ΑΪΡΕΣ, 5. (Ρόιτερ).— Γιαγιά καί εγγονός.
Ο ΣΟΛΟΧΩΦ ΕΠΙΚΡΙΝΕΙ ΤΟΝ ΣΙΝΙΑΦΣΚΙ
ΜΟΣΧΑ, 5. (Ασσ. Πρές).— Ο συγγραφεύς επέκρινε.
